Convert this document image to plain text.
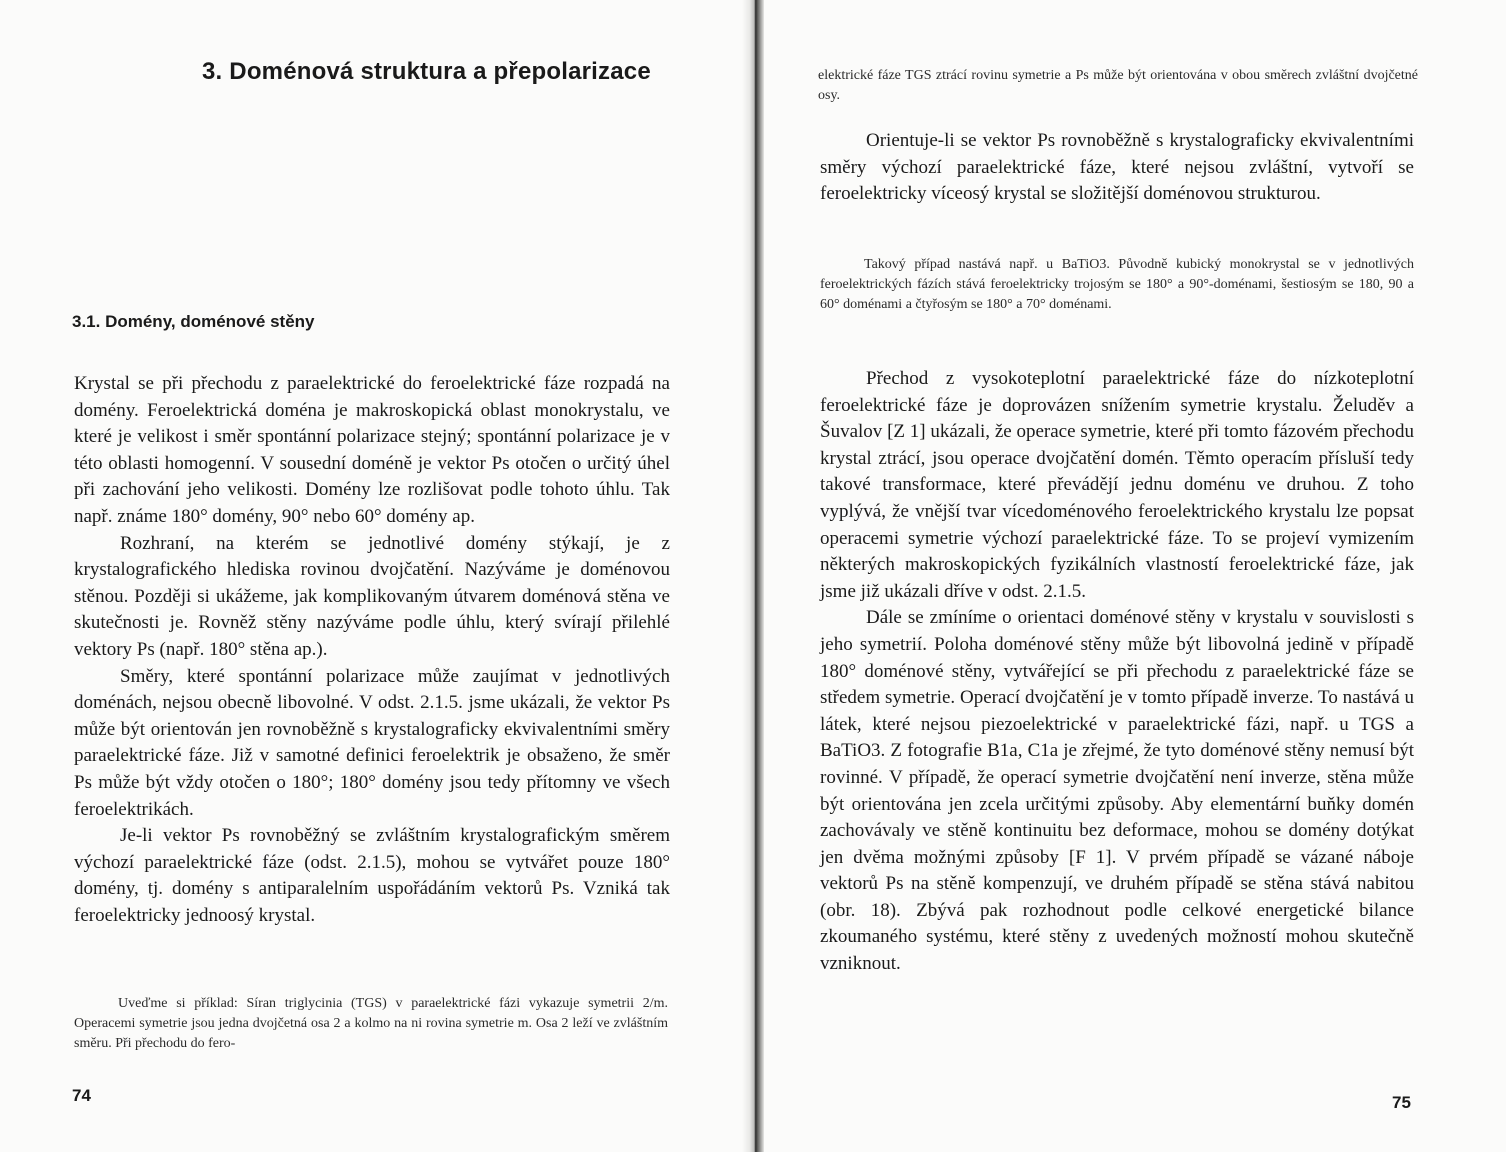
3. Doménová struktura a přepolarizace
3.1. Domény, doménové stěny

Krystal se při přechodu z paraelektrické do feroelektrické fáze rozpadá na domény. Feroelektrická doména je makroskopická oblast monokrystalu, ve které je velikost i směr spontánní polarizace stejný; spontánní polarizace je v této oblasti homogenní. V sousední doméně je vektor Ps otočen o určitý úhel při zachování jeho velikosti. Domény lze rozlišovat podle tohoto úhlu. Tak např. známe 180° domény, 90° nebo 60° domény ap.

Rozhraní, na kterém se jednotlivé domény stýkají, je z krystalografického hlediska rovinou dvojčatění. Nazýváme je doménovou stěnou. Později si ukážeme, jak komplikovaným útvarem doménová stěna ve skutečnosti je. Rovněž stěny nazýváme podle úhlu, který svírají přilehlé vektory Ps (např. 180° stěna ap.).

Směry, které spontánní polarizace může zaujímat v jednotlivých doménách, nejsou obecně libovolné. V odst. 2.1.5. jsme ukázali, že vektor Ps může být orientován jen rovnoběžně s krystalograficky ekvivalentními směry paraelektrické fáze. Již v samotné definici feroelektrik je obsaženo, že směr Ps může být vždy otočen o 180°; 180° domény jsou tedy přítomny ve všech feroelektrikách.

Je-li vektor Ps rovnoběžný se zvláštním krystalografickým směrem výchozí paraelektrické fáze (odst. 2.1.5), mohou se vytvářet pouze 180° domény, tj. domény s antiparalelním uspořádáním vektorů Ps. Vzniká tak feroelektricky jednoosý krystal.

Uveďme si příklad: Síran triglycinia (TGS) v paraelektrické fázi vykazuje symetrii 2/m. Operacemi symetrie jsou jedna dvojčetná osa 2 a kolmo na ni rovina symetrie m. Osa 2 leží ve zvláštním směru. Při přechodu do fero-

74

elektrické fáze TGS ztrácí rovinu symetrie a Ps může být orientována v obou směrech zvláštní dvojčetné osy.

Orientuje-li se vektor Ps rovnoběžně s krystalograficky ekvivalentními směry výchozí paraelektrické fáze, které nejsou zvláštní, vytvoří se feroelektricky víceosý krystal se složitější doménovou strukturou.

Takový případ nastává např. u BaTiO3. Původně kubický monokrystal se v jednotlivých feroelektrických fázích stává feroelektricky trojosým se 180° a 90°-doménami, šestiosým se 180, 90 a 60° doménami a čtyřosým se 180° a 70° doménami.

Přechod z vysokoteplotní paraelektrické fáze do nízkoteplotní feroelektrické fáze je doprovázen snížením symetrie krystalu. Želuděv a Šuvalov [Z 1] ukázali, že operace symetrie, které při tomto fázovém přechodu krystal ztrácí, jsou operace dvojčatění domén. Těmto operacím přísluší tedy takové transformace, které převádějí jednu doménu ve druhou. Z toho vyplývá, že vnější tvar vícedoménového feroelektrického krystalu lze popsat operacemi symetrie výchozí paraelektrické fáze. To se projeví vymizením některých makroskopických fyzikálních vlastností feroelektrické fáze, jak jsme již ukázali dříve v odst. 2.1.5.

Dále se zmíníme o orientaci doménové stěny v krystalu v souvislosti s jeho symetrií. Poloha doménové stěny může být libovolná jedině v případě 180° doménové stěny, vytvářející se při přechodu z paraelektrické fáze se středem symetrie. Operací dvojčatění je v tomto případě inverze. To nastává u látek, které nejsou piezoelektrické v paraelektrické fázi, např. u TGS a BaTiO3. Z fotografie B1a, C1a je zřejmé, že tyto doménové stěny nemusí být rovinné. V případě, že operací symetrie dvojčatění není inverze, stěna může být orientována jen zcela určitými způsoby. Aby elementární buňky domén zachovávaly ve stěně kontinuitu bez deformace, mohou se domény dotýkat jen dvěma možnými způsoby [F 1]. V prvém případě se vázané náboje vektorů Ps na stěně kompenzují, ve druhém případě se stěna stává nabitou (obr. 18). Zbývá pak rozhodnout podle celkové energetické bilance zkoumaného systému, které stěny z uvedených možností mohou skutečně vzniknout.

75
